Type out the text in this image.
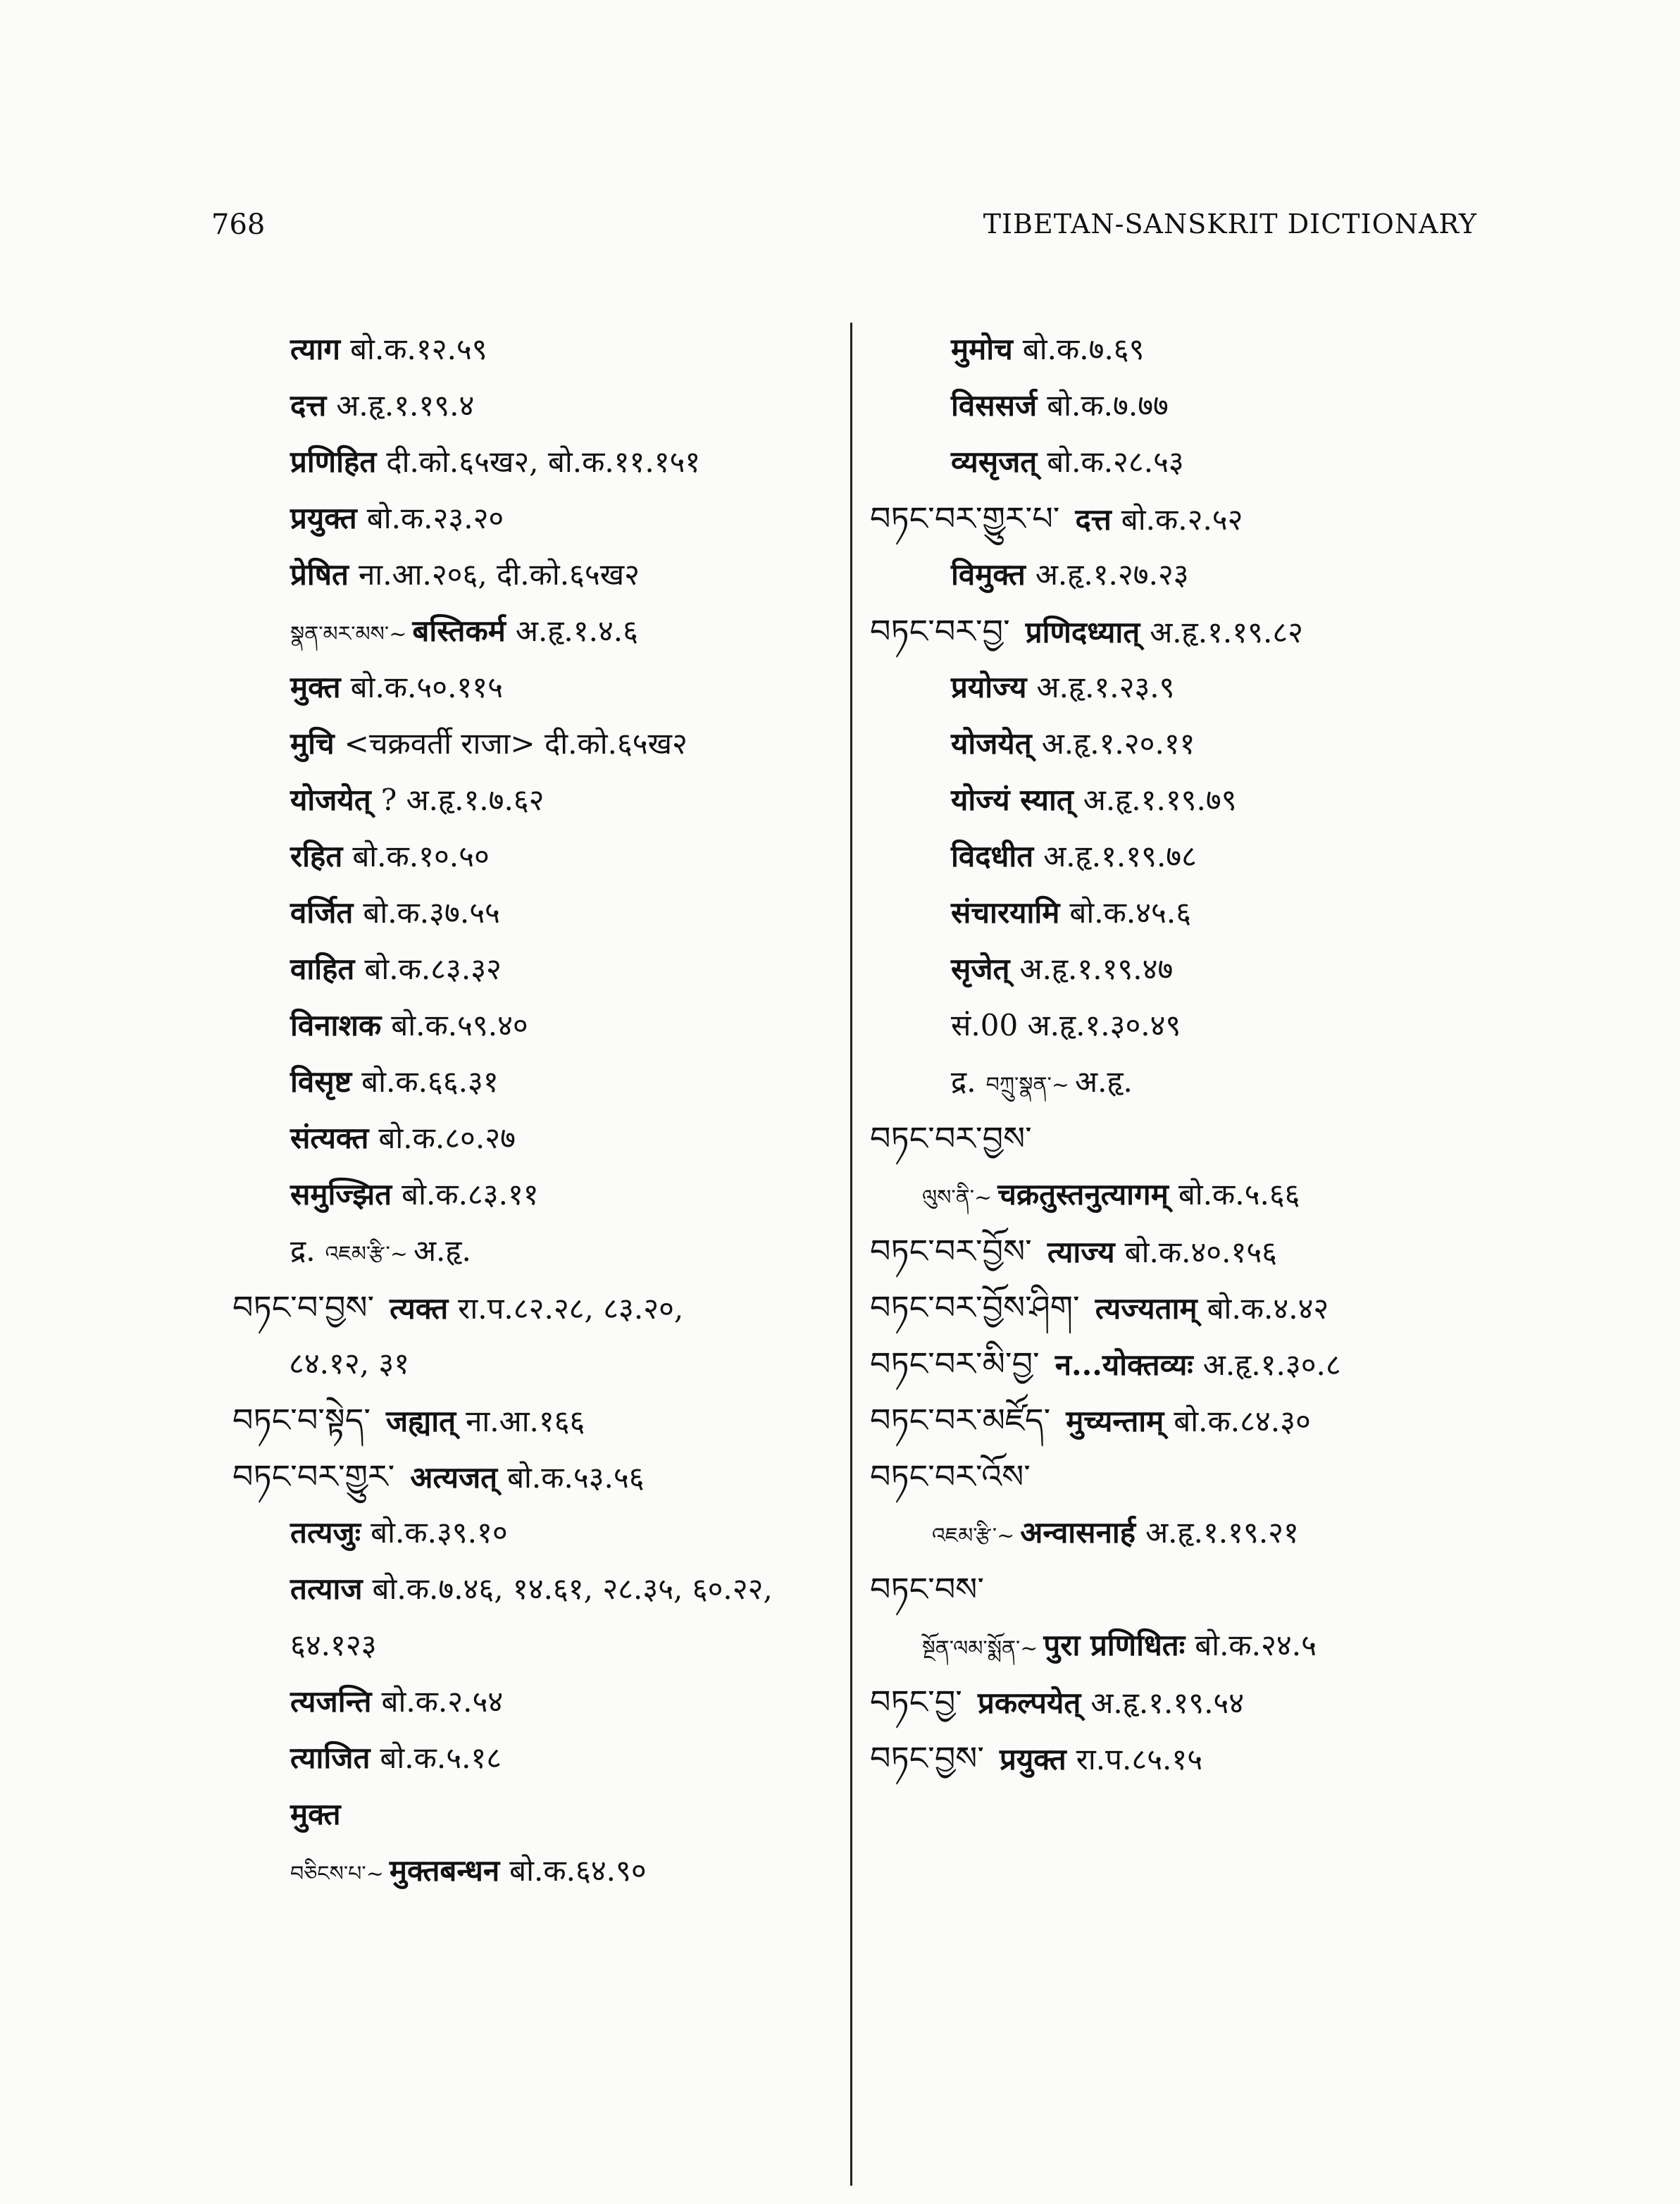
768	TIBETAN-SANSKRIT DICTIONARY
त्याग बो.क.१२.५९
दत्त अ.हृ.१.१९.४
प्रणिहित दी.को.६५ख२, बो.क.११.१५१
प्रयुक्त बो.क.२३.२०
प्रेषित ना.आ.२०६, दी.को.६५ख२
སྣན་མར་མས་~ बस्तिकर्म अ.हृ.१.४.६
मुक्त बो.क.५०.११५
मुचि <चक्रवर्ती राजा> दी.को.६५ख२
योजयेत् ? अ.हृ.१.७.६२
रहित बो.क.१०.५०
वर्जित बो.क.३७.५५
वाहित बो.क.८३.३२
विनाशक बो.क.५९.४०
विसृष्ट बो.क.६६.३१
संत्यक्त बो.क.८०.२७
समुज्झित बो.क.८३.११
द्र. འཇམ་རྩི་~ अ.हृ.
བཏང་བ་བྱས་ त्यक्त रा.प.८२.२८, ८३.२०,
८४.१२, ३१
བཏང་བ་སྟེད་ जह्यात् ना.आ.१६६
བཏང་བར་གྱུར་ अत्यजत् बो.क.५३.५६
तत्यजुः बो.क.३९.१०
तत्याज बो.क.७.४६, १४.६१, २८.३५, ६०.२२,
६४.१२३
त्यजन्ति बो.क.२.५४
त्याजित बो.क.५.१८
मुक्त
བཅིངས་པ་~ मुक्तबन्धन बो.क.६४.९०
मुमोच बो.क.७.६९
विससर्ज बो.क.७.७७
व्यसृजत् बो.क.२८.५३
བཏང་བར་གྱུར་པ་ दत्त बो.क.२.५२
विमुक्त अ.हृ.१.२७.२३
བཏང་བར་བྱ་ प्रणिदध्यात् अ.हृ.१.१९.८२
प्रयोज्य अ.हृ.१.२३.९
योजयेत् अ.हृ.१.२०.११
योज्यं स्यात् अ.हृ.१.१९.७९
विदधीत अ.हृ.१.१९.७८
संचारयामि बो.क.४५.६
सृजेत् अ.हृ.१.१९.४७
सं.00 अ.हृ.१.३०.४९
द्र. བཀྲུ་སྣན་~ अ.हृ.
བཏང་བར་བྱས་
ལུས་ནི་~ चक्रतुस्तनुत्यागम् बो.क.५.६६
བཏང་བར་བྱོས་ त्याज्य बो.क.४०.१५६
བཏང་བར་བྱོས་ཤིག་ त्यज्यताम् बो.क.४.४२
བཏང་བར་མི་བྱ་ न...योक्तव्यः अ.हृ.१.३०.८
བཏང་བར་མཛོད་ मुच्यन्ताम् बो.क.८४.३०
བཏང་བར་འོས་
འཇམ་རྩི་~ अन्वासनार्ह अ.हृ.१.१९.२१
བཏང་བས་
སྔོན་ལམ་སྨོན་~ पुरा प्रणिधितः बो.क.२४.५
བཏང་བྱ་ प्रकल्पयेत् अ.हृ.१.१९.५४
བཏང་བྱས་ प्रयुक्त रा.प.८५.१५
